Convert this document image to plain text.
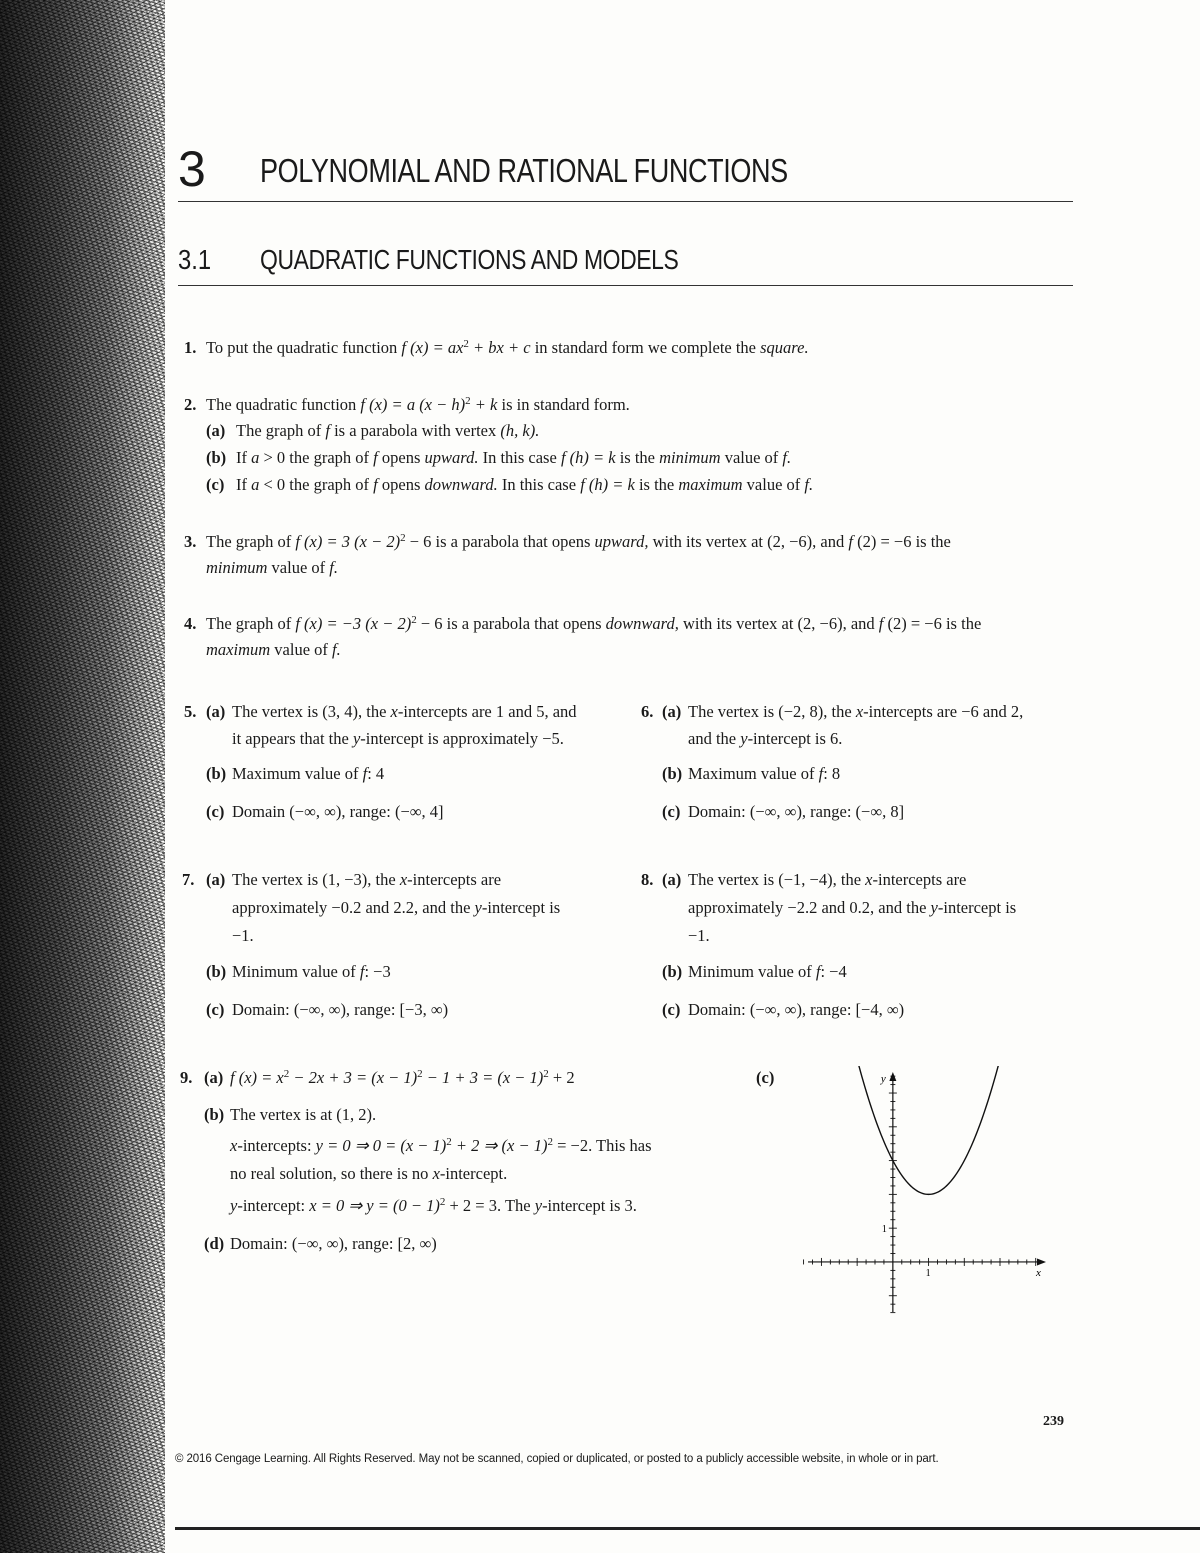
3 POLYNOMIAL AND RATIONAL FUNCTIONS
3.1 QUADRATIC FUNCTIONS AND MODELS
1. To put the quadratic function f $(x) = ax^2$ + bx + c in standard form we complete the square.
2. The quadratic function f (x) = a $(x - h)^2 + k$ is in standard form.
(a) The graph of f is a parabola with vertex (h, k).
(b) If a > 0 the graph of f opens upward. In this case f (h) = k is the minimum value of f.
(c) If a < 0 the graph of f opens downward. In this case f (h) = k is the maximum value of f.
3. The graph of f (x) = 3 $(x - 2)^2 - 6$ is a parabola that opens upward, with its vertex at (2, −6), and f (2) = −6 is the
minimum value of f.
4. The graph of f (x) = −3 $(x - 2)^2 - 6$ is a parabola that opens downward, with its vertex at (2, −6), and f (2) = −6 is the
maximum value of f.
5. (a) The vertex is (3, 4), the x-intercepts are 1 and 5, and
it appears that the y-intercept is approximately −5.
(b) Maximum value of f: 4
(c) Domain (−∞, ∞), range: (−∞, 4]
6. (a) The vertex is (−2, 8), the x-intercepts are −6 and 2,
and the y-intercept is 6.
(b) Maximum value of f: 8
(c) Domain: (−∞, ∞), range: (−∞, 8]
7. (a) The vertex is (1, −3), the x-intercepts are
approximately −0.2 and 2.2, and the y-intercept is
−1.
(b) Minimum value of f: −3
(c) Domain: (−∞, ∞), range: [−3, ∞)
8. (a) The vertex is (−1, −4), the x-intercepts are
approximately −2.2 and 0.2, and the y-intercept is
−1.
(b) Minimum value of f: −4
(c) Domain: (−∞, ∞), range: [−4, ∞)
9. (a) f $(x) = x^2 - 2x + 3 = (x - 1)^2 - 1 + 3 = (x - 1)^2 + 2$
(b) The vertex is at (1, 2).
x-intercepts: y = 0 ⇒ $0 = (x - 1)^2 + 2$ ⇒ $(x - 1)^2 = -2$. This has
no real solution, so there is no x-intercept.
y-intercept: x = 0 ⇒ $y = (0 - 1)^2 + 2 = 3$. The y-intercept is 3.
(c)
(d) Domain: (−∞, ∞), range: [2, ∞)
x
y
1
1
239
© 2016 Cengage Learning. All Rights Reserved. May not be scanned, copied or duplicated, or posted to a publicly accessible website, in whole or in part.
